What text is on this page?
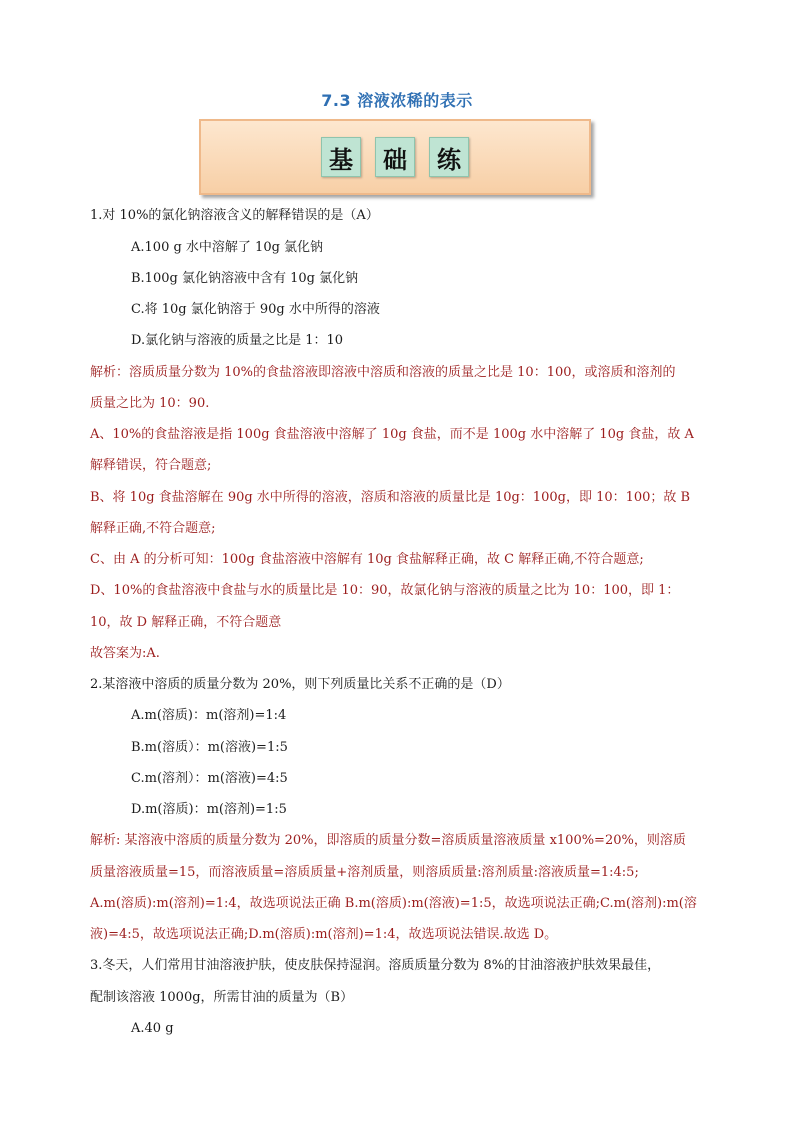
7.3 溶液浓稀的表示
基	础	练
1.对 10%的氯化钠溶液含义的解释错误的是（A）
A.100 g 水中溶解了 10g 氯化钠
B.100g 氯化钠溶液中含有 10g 氯化钠
C.将 10g 氯化钠溶于 90g 水中所得的溶液
D.氯化钠与溶液的质量之比是 1：10
解析：溶质质量分数为 10%的食盐溶液即溶液中溶质和溶液的质量之比是 10：100，或溶质和溶剂的
质量之比为 10：90.
A、10%的食盐溶液是指 100g 食盐溶液中溶解了 10g 食盐，而不是 100g 水中溶解了 10g 食盐，故 A
解释错误，符合题意;
B、将 10g 食盐溶解在 90g 水中所得的溶液，溶质和溶液的质量比是 10g：100g，即 10：100；故 B
解释正确,不符合题意;
C、由 A 的分析可知：100g 食盐溶液中溶解有 10g 食盐解释正确，故 C 解释正确,不符合题意;
D、10%的食盐溶液中食盐与水的质量比是 10：90，故氯化钠与溶液的质量之比为 10：100，即 1：
10，故 D 解释正确，不符合题意
故答案为:A.
2.某溶液中溶质的质量分数为 20%，则下列质量比关系不正确的是（D）
A.m(溶质)：m(溶剂)=1:4
B.m(溶质）：m(溶液)=1:5
C.m(溶剂）：m(溶液)=4:5
D.m(溶质)：m(溶剂)=1:5
解析: 某溶液中溶质的质量分数为 20%，即溶质的质量分数=溶质质量溶液质量 x100%=20%，则溶质
质量溶液质量=15，而溶液质量=溶质质量+溶剂质量，则溶质质量:溶剂质量:溶液质量=1:4:5;
A.m(溶质):m(溶剂)=1:4，故选项说法正确 B.m(溶质):m(溶液)=1:5，故选项说法正确;C.m(溶剂):m(溶
液)=4:5，故选项说法正确;D.m(溶质):m(溶剂)=1:4，故选项说法错误.故选 D。
3.冬天，人们常用甘油溶液护肤，使皮肤保持湿润。溶质质量分数为 8%的甘油溶液护肤效果最佳，
配制该溶液 1000g，所需甘油的质量为（B）
A.40 g
